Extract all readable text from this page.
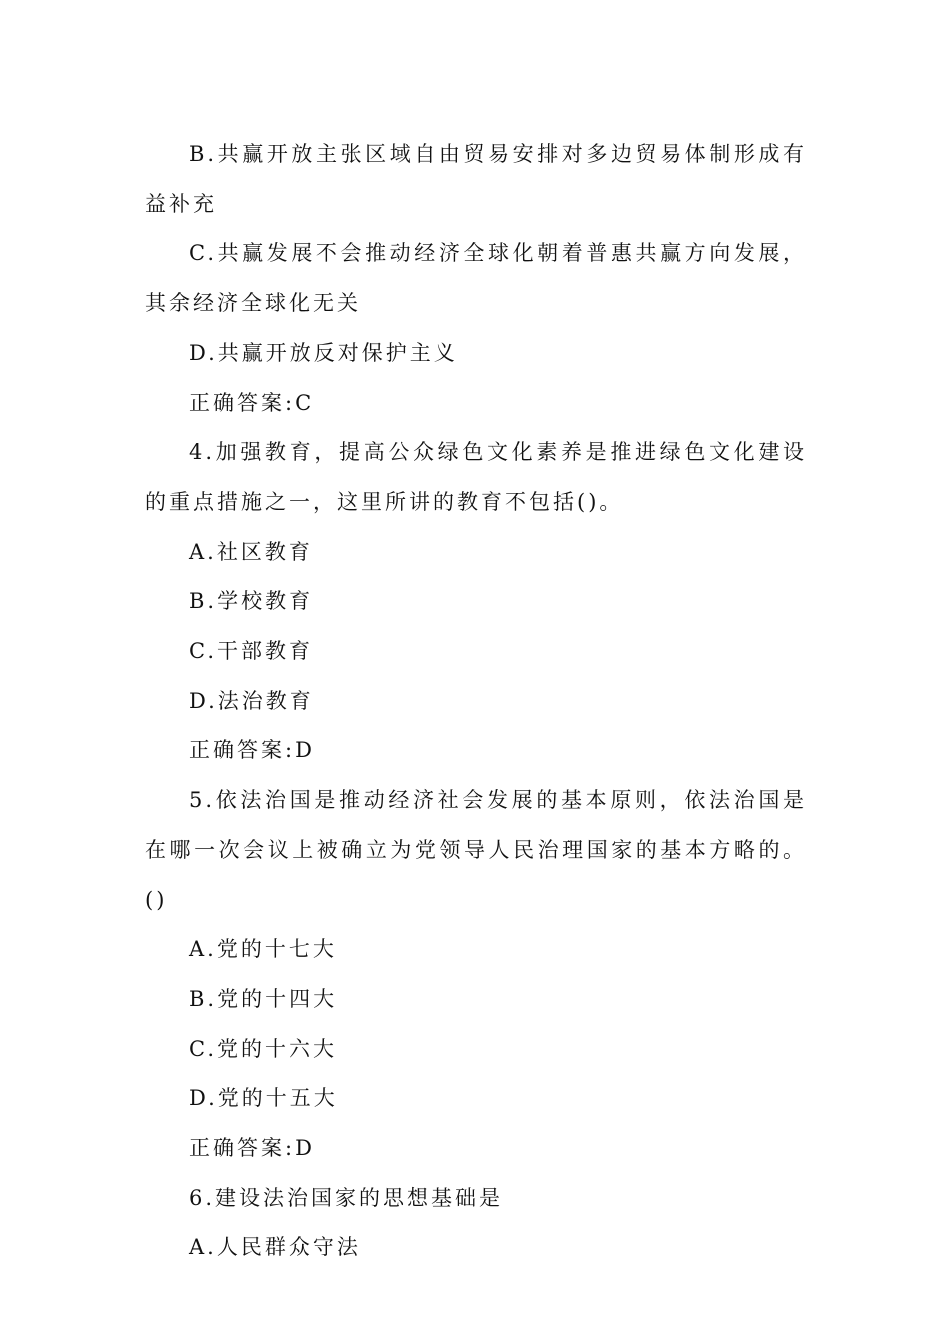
B.共赢开放主张区域自由贸易安排对多边贸易体制形成有益补充

C.共赢发展不会推动经济全球化朝着普惠共赢方向发展，其余经济全球化无关

D.共赢开放反对保护主义

正确答案:C

4.加强教育，提高公众绿色文化素养是推进绿色文化建设的重点措施之一，这里所讲的教育不包括()。

A.社区教育

B.学校教育

C.干部教育

D.法治教育

正确答案:D

5.依法治国是推动经济社会发展的基本原则，依法治国是在哪一次会议上被确立为党领导人民治理国家的基本方略的。()

A.党的十七大

B.党的十四大

C.党的十六大

D.党的十五大

正确答案:D

6.建设法治国家的思想基础是

A.人民群众守法
